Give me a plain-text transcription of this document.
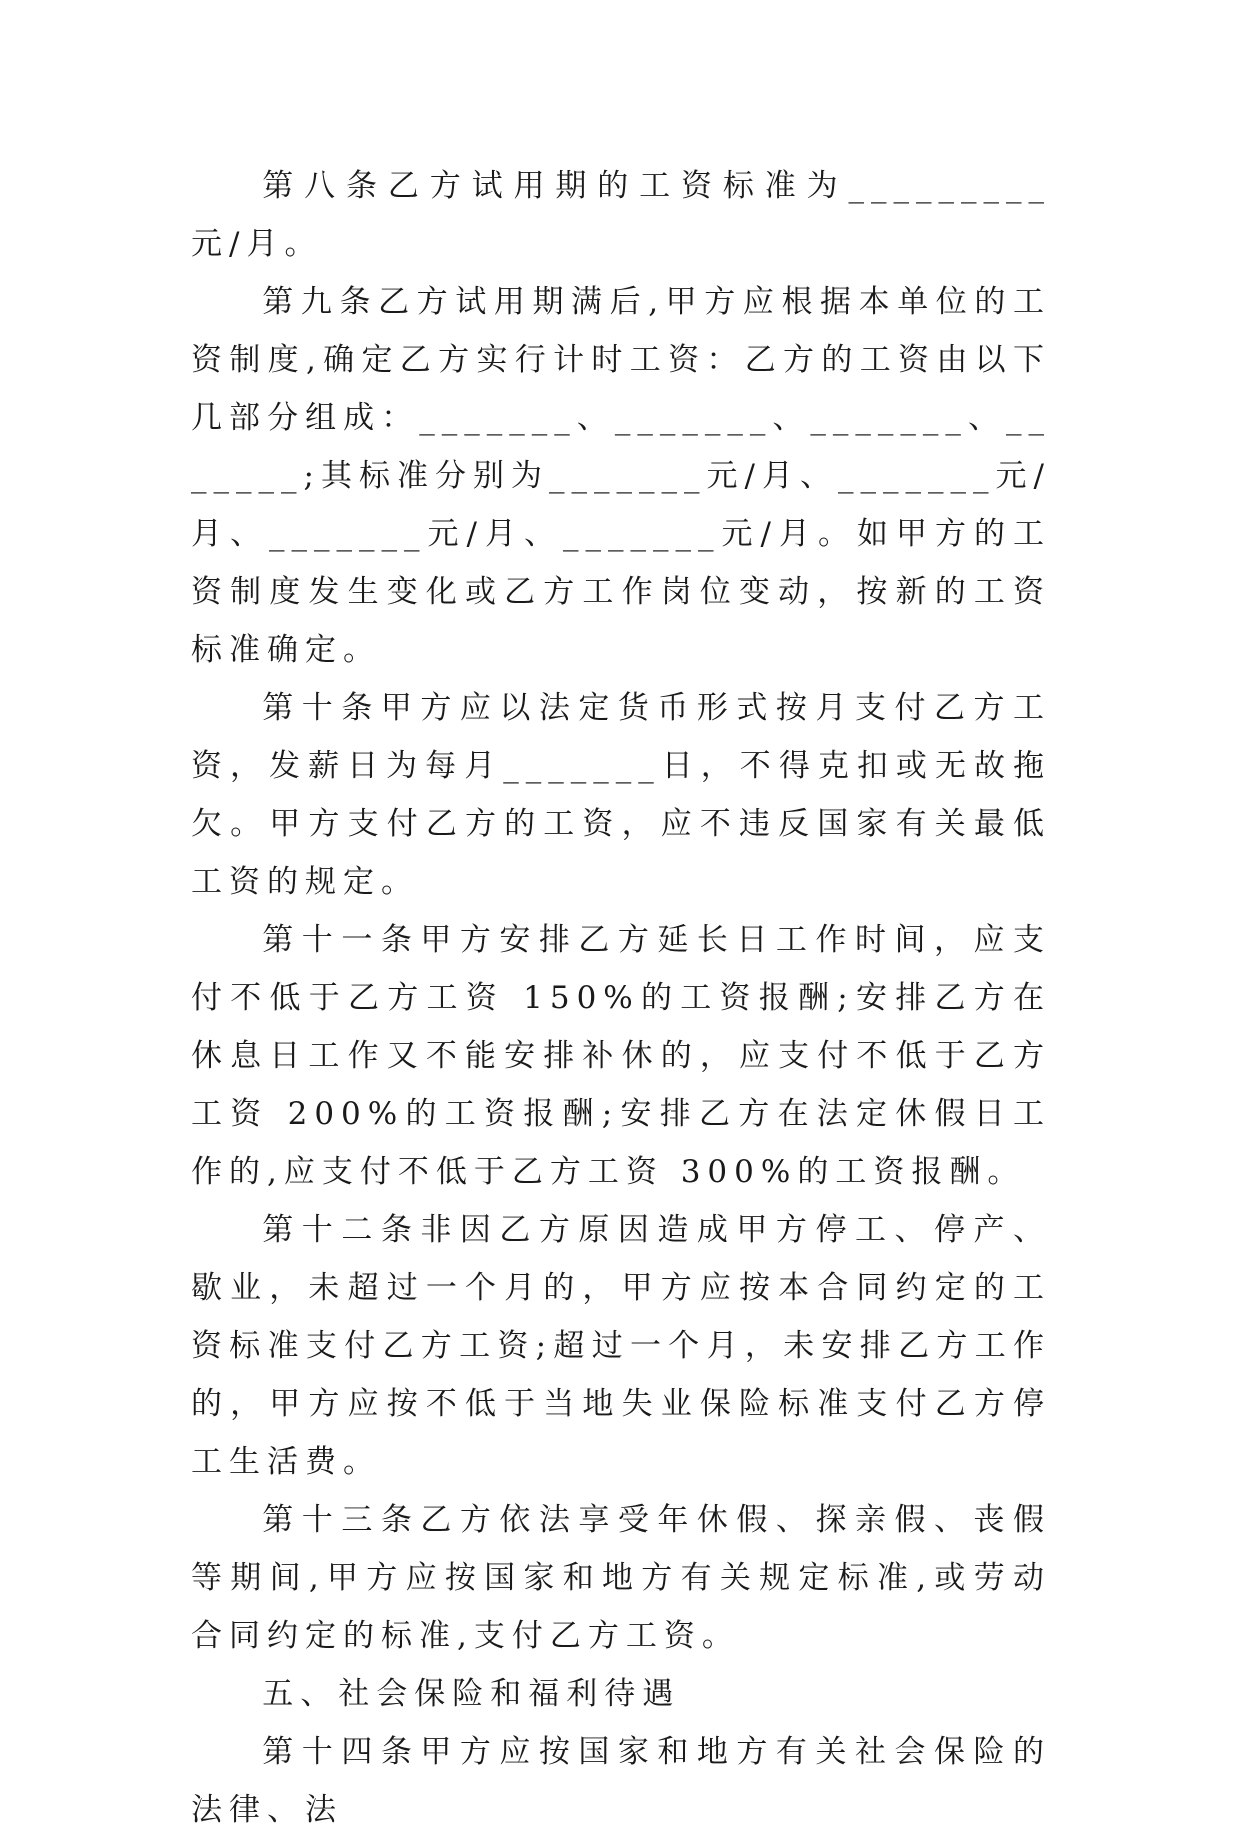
第八条乙方试用期的工资标准为_________元/月。

第九条乙方试用期满后,甲方应根据本单位的工资制度,确定乙方实行计时工资：乙方的工资由以下几部分组成：_______、_______、_______、_______;其标准分别为_______元/月、_______元/月、_______元/月、_______元/月。如甲方的工资制度发生变化或乙方工作岗位变动，按新的工资标准确定。

第十条甲方应以法定货币形式按月支付乙方工资，发薪日为每月_______日，不得克扣或无故拖欠。甲方支付乙方的工资，应不违反国家有关最低工资的规定。

第十一条甲方安排乙方延长日工作时间，应支付不低于乙方工资 150%的工资报酬;安排乙方在休息日工作又不能安排补休的，应支付不低于乙方工资 200%的工资报酬;安排乙方在法定休假日工作的,应支付不低于乙方工资 300%的工资报酬。

第十二条非因乙方原因造成甲方停工、停产、歇业，未超过一个月的，甲方应按本合同约定的工资标准支付乙方工资;超过一个月，未安排乙方工作的，甲方应按不低于当地失业保险标准支付乙方停工生活费。

第十三条乙方依法享受年休假、探亲假、丧假等期间,甲方应按国家和地方有关规定标准,或劳动合同约定的标准,支付乙方工资。

五、社会保险和福利待遇

第十四条甲方应按国家和地方有关社会保险的法律、法
